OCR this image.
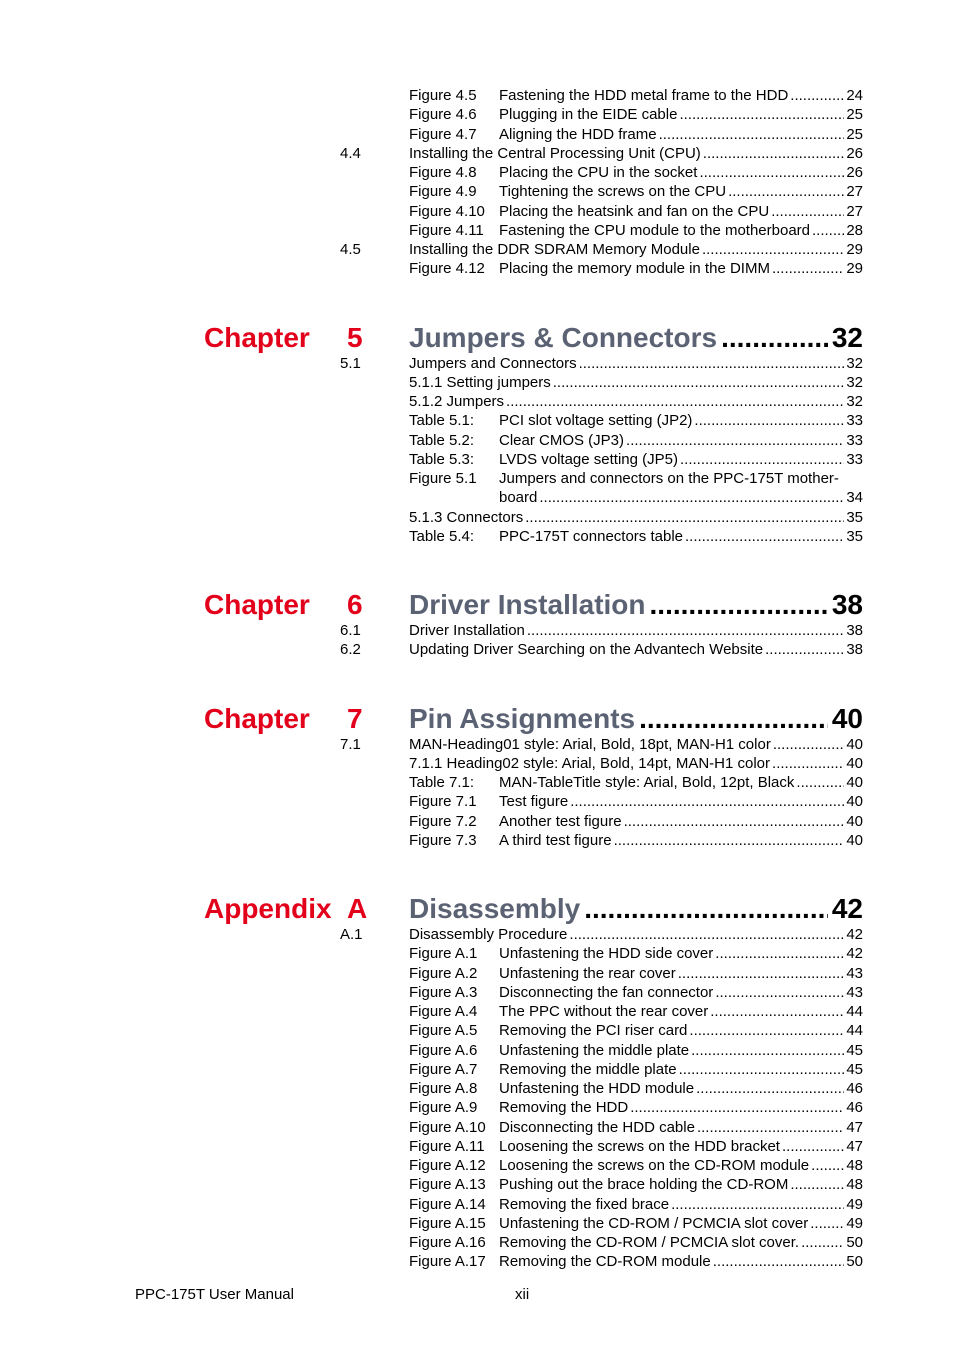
Figure 4.5 Fastening the HDD metal frame to the HDD .....	24
Figure 4.6 Plugging in the EIDE cable .....	25
Figure 4.7 Aligning the HDD frame .....	25
4.4	Installing the Central Processing Unit (CPU) .....	26
Figure 4.8 Placing the CPU in the socket .....	26
Figure 4.9 Tightening the screws on the CPU .....	27
Figure 4.10 Placing the heatsink and fan on the CPU .....	27
Figure 4.11 Fastening the CPU module to the motherboard ..... 28
4.5	Installing the DDR SDRAM Memory Module .....	29
Figure 4.12 Placing the memory module in the DIMM .....	29
Chapter 5 Jumpers & Connectors .....	32
5.1	Jumpers and Connectors .....	32
5.1.1 Setting jumpers .....	32
5.1.2 Jumpers .....	32
Table 5.1: PCI slot voltage setting (JP2) .....	33
Table 5.2: Clear CMOS (JP3) .....	33
Table 5.3: LVDS voltage setting (JP5) .....	33
Figure 5.1 Jumpers and connectors on the PPC-175T mother-
board .....	34
5.1.3 Connectors .....	35
Table 5.4: PPC-175T connectors table .....	35
Chapter 6 Driver Installation .....	38
6.1	Driver Installation .....	38
6.2	Updating Driver Searching on the Advantech Website .....	38
Chapter 7 Pin Assignments .....	40
7.1	MAN-Heading01 style: Arial, Bold, 18pt, MAN-H1 color .....	40
7.1.1 Heading02 style: Arial, Bold, 14pt, MAN-H1 color .....	40
Table 7.1: MAN-TableTitle style: Arial, Bold, 12pt, Black .....	40
Figure 7.1 Test figure .....	40
Figure 7.2 Another test figure .....	40
Figure 7.3 A third test figure .....	40
Appendix A Disassembly .....	42
A.1	Disassembly Procedure .....	42
Figure A.1 Unfastening the HDD side cover .....	42
Figure A.2 Unfastening the rear cover .....	43
Figure A.3 Disconnecting the fan connector .....	43
Figure A.4 The PPC without the rear cover .....	44
Figure A.5 Removing the PCI riser card .....	44
Figure A.6 Unfastening the middle plate .....	45
Figure A.7 Removing the middle plate .....	45
Figure A.8 Unfastening the HDD module .....	46
Figure A.9 Removing the HDD .....	46
Figure A.10 Disconnecting the HDD cable .....	47
Figure A.11 Loosening the screws on the HDD bracket .....	47
Figure A.12 Loosening the screws on the CD-ROM module ..... 48
Figure A.13 Pushing out the brace holding the CD-ROM .....	48
Figure A.14 Removing the fixed brace .....	49
Figure A.15 Unfastening the CD-ROM / PCMCIA slot cover .....	49
Figure A.16 Removing the CD-ROM / PCMCIA slot cover. .....	50
Figure A.17 Removing the CD-ROM module .....	50
PPC-175T User Manual	xii
